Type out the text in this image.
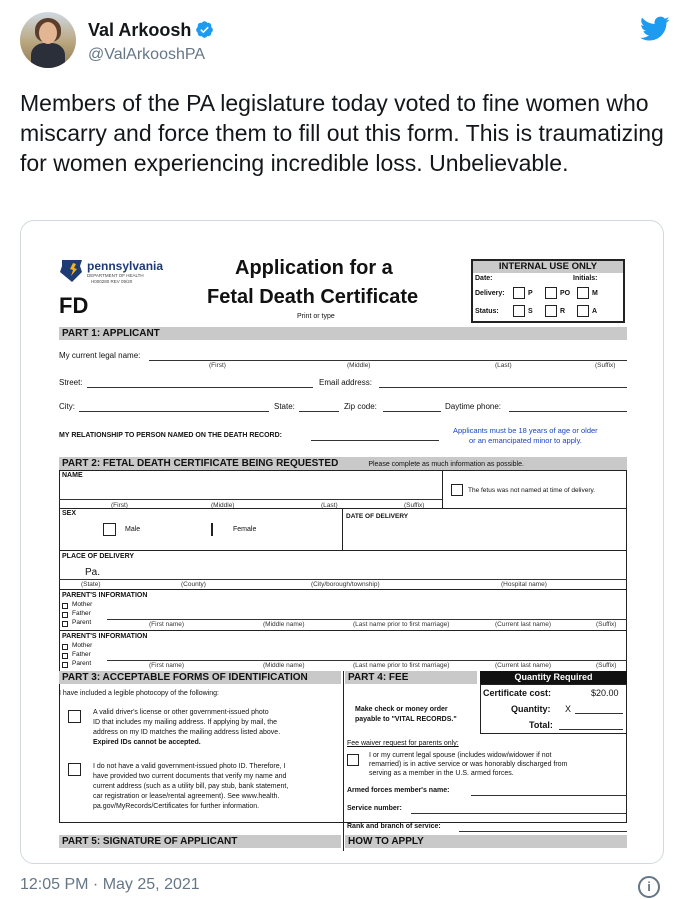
Val Arkoosh
@ValArkooshPA
Members of the PA legislature today voted to fine women who miscarry and force them to fill out this form. This is traumatizing for women experiencing incredible loss. Unbelievable.
pennsylvania
DEPARTMENT OF HEALTH
H000280 REV 09/20
FD
Application for a
Fetal Death Certificate
Print or type
INTERNAL USE ONLY
Date:	Initials:
Delivery:	P	PO	M
Status:	S	R	A
PART 1: APPLICANT
My current legal name:
(First)	(Middle)	(Last)	(Suffix)
Street:	Email address:
City:	State:	Zip code:	Daytime phone:
MY RELATIONSHIP TO PERSON NAMED ON THE DEATH RECORD:
Applicants must be 18 years of age or older
or an emancipated minor to apply.
PART 2: FETAL DEATH CERTIFICATE BEING REQUESTED	Please complete as much information as possible.
NAME
(First)	(Middle)	(Last)	(Suffix)
The fetus was not named at time of delivery.
SEX
Male	Female
DATE OF DELIVERY
PLACE OF DELIVERY
Pa.
(State)	(County)	(City/borough/township)	(Hospital name)
PARENT'S INFORMATION
Mother
Father
Parent	(First name)	(Middle name)	(Last name prior to first marriage)	(Current last name)	(Suffix)
PARENT'S INFORMATION
Mother
Father
Parent	(First name)	(Middle name)	(Last name prior to first marriage)	(Current last name)	(Suffix)
PART 3: ACCEPTABLE FORMS OF IDENTIFICATION	PART 4: FEE	Quantity Required
I have included a legible photocopy of the following:
A valid driver's license or other government-issued photo
ID that includes my mailing address. If applying by mail, the
address on my ID matches the mailing address listed above.
Expired IDs cannot be accepted.
I do not have a valid government-issued photo ID. Therefore, I
have provided two current documents that verify my name and
current address (such as a utility bill, pay stub, bank statement,
car registration or lease/rental agreement). See www.health.
pa.gov/MyRecords/Certificates for further information.
Make check or money order
payable to "VITAL RECORDS."
Certificate cost:	$20.00
Quantity: X
Total:
Fee waiver request for parents only:
I or my current legal spouse (includes widow/widower if not
remarried) is in active service or was honorably discharged from
serving as a member in the U.S. armed forces.
Armed forces member's name:
Service number:
Rank and branch of service:
PART 5: SIGNATURE OF APPLICANT	HOW TO APPLY
12:05 PM · May 25, 2021	i
